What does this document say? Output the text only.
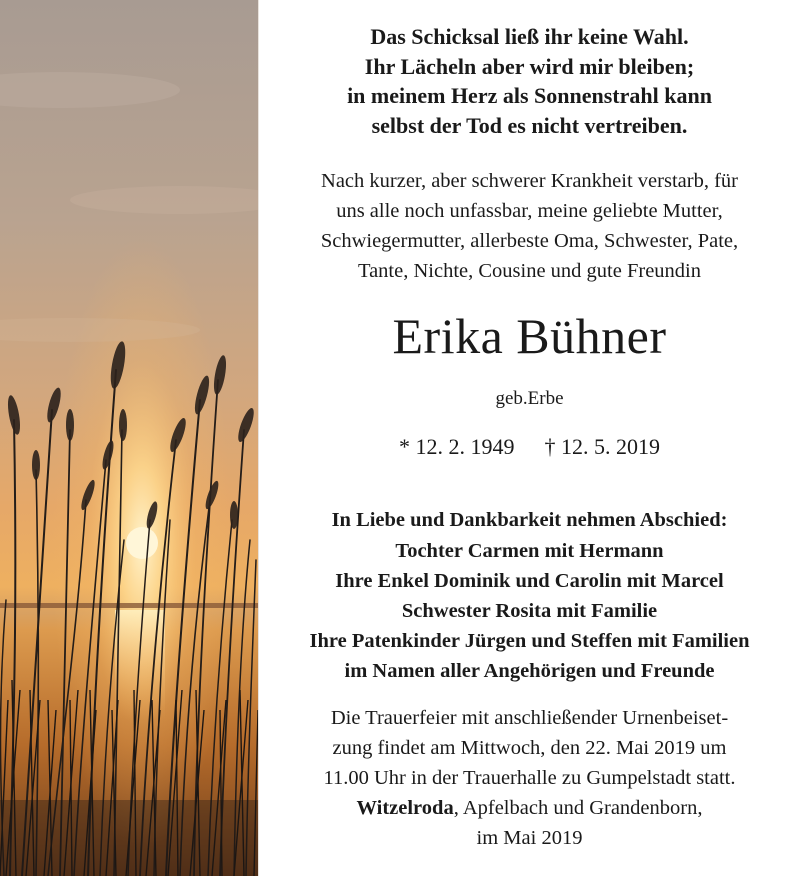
Das Schicksal ließ ihr keine Wahl.
Ihr Lächeln aber wird mir bleiben;
in meinem Herz als Sonnenstrahl kann
selbst der Tod es nicht vertreiben.
Nach kurzer, aber schwerer Krankheit verstarb, für
uns alle noch unfassbar, meine geliebte Mutter,
Schwiegermutter, allerbeste Oma, Schwester, Pate,
Tante, Nichte, Cousine und gute Freundin
Erika Bühner
geb.Erbe
* 12. 2. 1949 † 12. 5. 2019
In Liebe und Dankbarkeit nehmen Abschied:
Tochter Carmen mit Hermann
Ihre Enkel Dominik und Carolin mit Marcel
Schwester Rosita mit Familie
Ihre Patenkinder Jürgen und Steffen mit Familien
im Namen aller Angehörigen und Freunde
Die Trauerfeier mit anschließender Urnenbeiset-
zung findet am Mittwoch, den 22. Mai 2019 um
11.00 Uhr in der Trauerhalle zu Gumpelstadt statt.
Witzelroda, Apfelbach und Grandenborn,
im Mai 2019
